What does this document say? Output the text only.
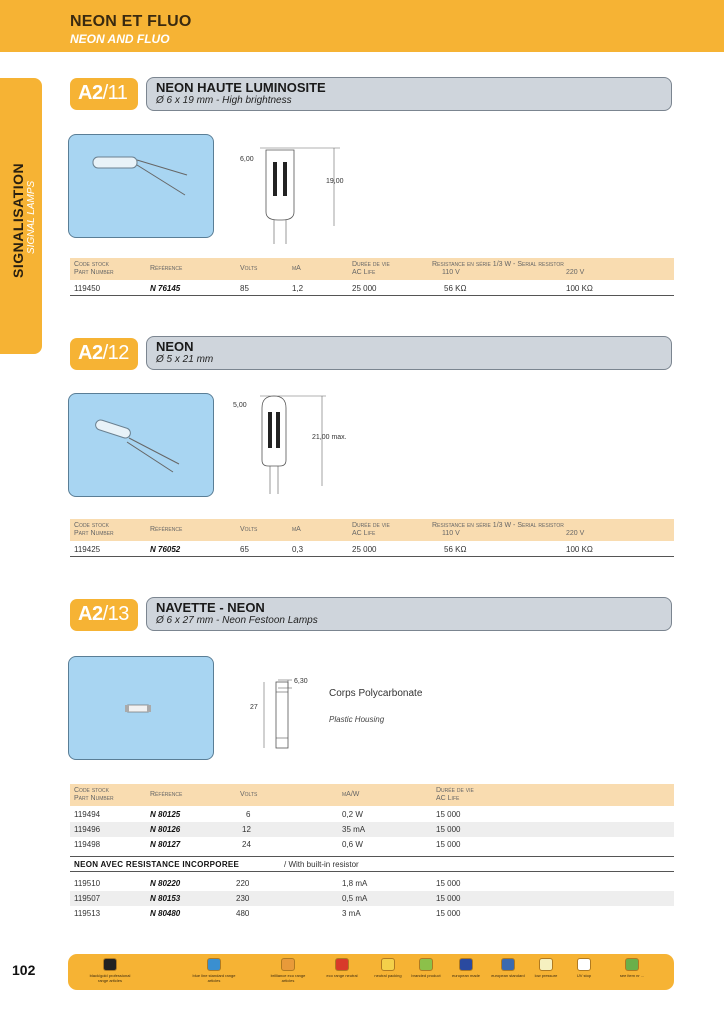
NEON ET FLUO
NEON AND FLUO
SIGNALISATION SIGNAL LAMPS
A2/11 NEON HAUTE LUMINOSITE
Ø 6 x 19 mm - High brightness
6,00
19,00
Code stock
Part Number
Référence	Volts	mA
Durée de vie
AC Life
Resistance en série 1/3 W - Serial resistor
110 V	220 V
119450	N 76145	85	1,2	25 000	56 KΩ	100 KΩ
A2/12 NEON
Ø 5 x 21 mm
5,00
21,00 max.
Code stock
Part Number
Référence	Volts	mA
Durée de vie
AC Life
Resistance en série 1/3 W - Serial resistor
110 V	220 V
119425	N 76052	65	0,3	25 000	56 KΩ	100 KΩ
A2/13 NAVETTE - NEON
Ø 6 x 27 mm - Neon Festoon Lamps
6,30
27
Corps Polycarbonate
Plastic Housing
Code stock
Part Number
Référence	Volts	mA/W
Durée de vie
AC Life
119494	N 80125	6	0,2 W	15 000
119496	N 80126	12	35 mA	15 000
119498	N 80127	24	0,6 W	15 000
NEON AVEC RESISTANCE INCORPOREE	/ With built-in resistor
119510	N 80220	220	1,8 mA	15 000
119507	N 80153	230	0,5 mA	15 000
119513	N 80480	480	3 mA	15 000
102	black/gold professional range articles
blue line standard range articles
brilliance eco range articles
eco range neutral	neutral packing	branded product	european made	european standard	low pressure	UV stop	see item nr ...
